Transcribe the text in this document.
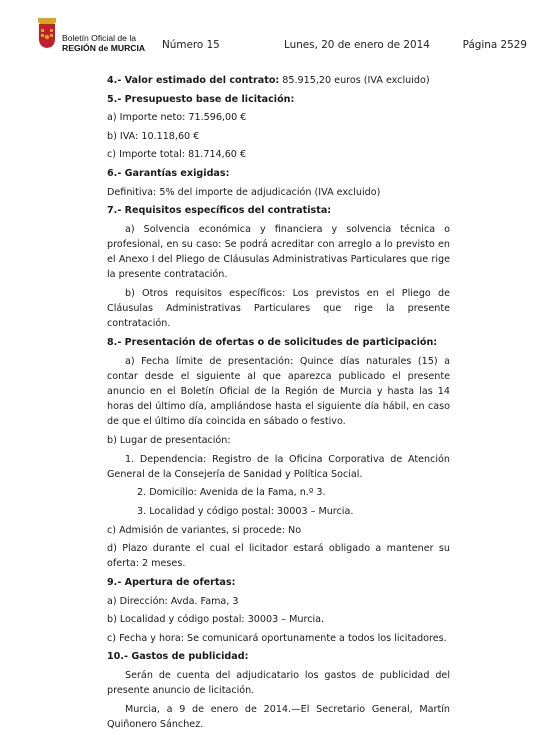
Boletín Oficial de la
REGIÓN de MURCIA Número 15	Lunes, 20 de enero de 2014	Página 2529

4.- Valor estimado del contrato: 85.915,20 euros (IVA excluido)

5.- Presupuesto base de licitación:

a) Importe neto: 71.596,00 €

b) IVA: 10.118,60 €

c) Importe total: 81.714,60 €

6.- Garantías exigidas:

Definitiva: 5% del importe de adjudicación (IVA excluido)

7.- Requisitos específicos del contratista:

a) Solvencia económica y financiera y solvencia técnica o profesional, en su caso: Se podrá acreditar con arreglo a lo previsto en el Anexo I del Pliego de Cláusulas Administrativas Particulares que rige la presente contratación.

b) Otros requisitos específicos: Los previstos en el Pliego de Cláusulas Administrativas Particulares que rige la presente contratación.

8.- Presentación de ofertas o de solicitudes de participación:

a) Fecha límite de presentación: Quince días naturales (15) a contar desde el siguiente al que aparezca publicado el presente anuncio en el Boletín Oficial de la Región de Murcia y hasta las 14 horas del último día, ampliándose hasta el siguiente día hábil, en caso de que el último día coincida en sábado o festivo.

b) Lugar de presentación:

1. Dependencia: Registro de la Oficina Corporativa de Atención General de la Consejería de Sanidad y Política Social.

2. Domicilio: Avenida de la Fama, n.º 3.

3. Localidad y código postal: 30003 – Murcia.

c) Admisión de variantes, si procede: No

d) Plazo durante el cual el licitador estará obligado a mantener su oferta: 2 meses.

9.- Apertura de ofertas:

a) Dirección: Avda. Fama, 3

b) Localidad y código postal: 30003 – Murcia.

c) Fecha y hora: Se comunicará oportunamente a todos los licitadores.

10.- Gastos de publicidad:

Serán de cuenta del adjudicatario los gastos de publicidad del presente anuncio de licitación.

Murcia, a 9 de enero de 2014.—El Secretario General, Martín Quiñonero Sánchez.
